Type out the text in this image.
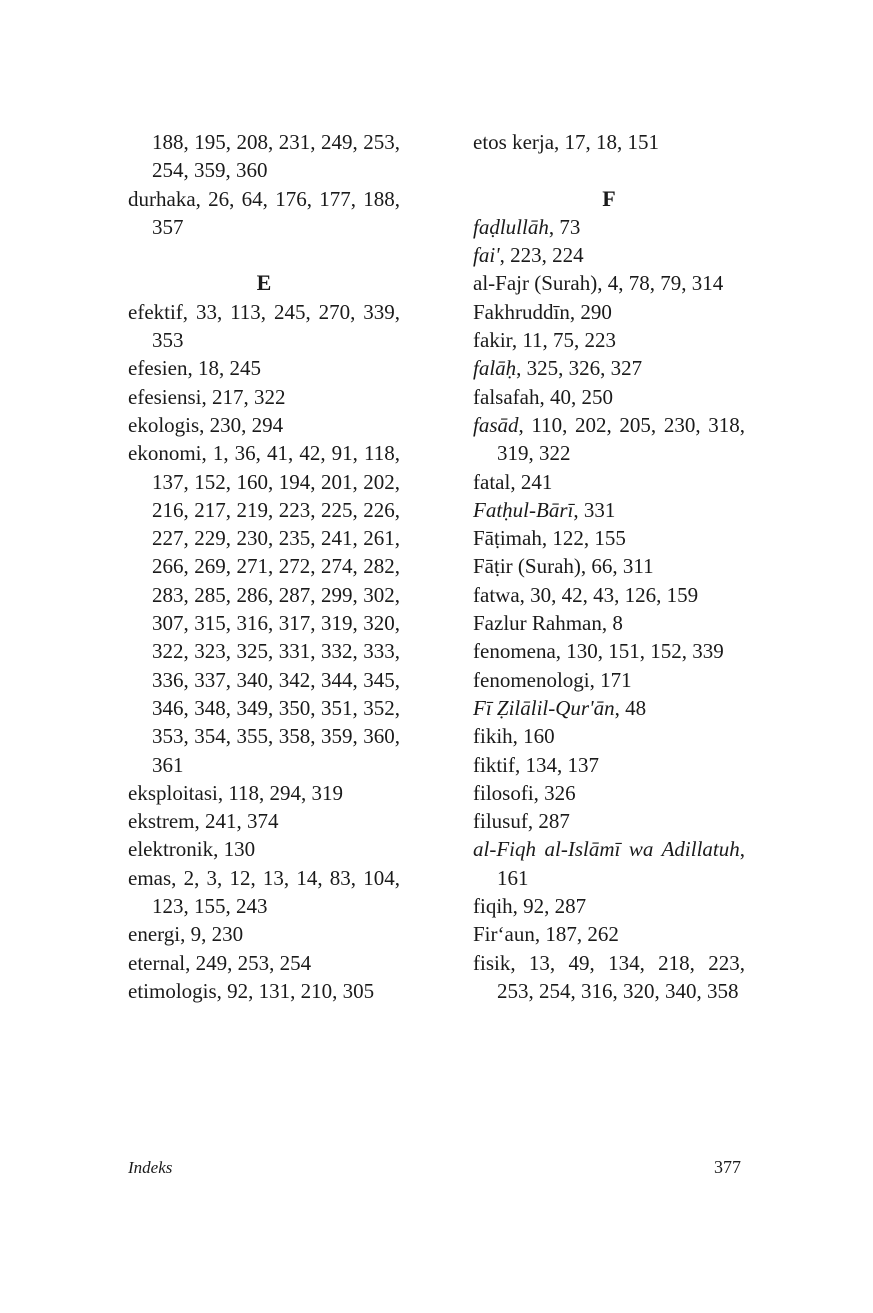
188, 195, 208, 231, 249, 253, 254, 359, 360

durhaka, 26, 64, 176, 177, 188, 357

E

efektif, 33, 113, 245, 270, 339, 353

efesien, 18, 245

efesiensi, 217, 322

ekologis, 230, 294

ekonomi, 1, 36, 41, 42, 91, 118, 137, 152, 160, 194, 201, 202, 216, 217, 219, 223, 225, 226, 227, 229, 230, 235, 241, 261, 266, 269, 271, 272, 274, 282, 283, 285, 286, 287, 299, 302, 307, 315, 316, 317, 319, 320, 322, 323, 325, 331, 332, 333, 336, 337, 340, 342, 344, 345, 346, 348, 349, 350, 351, 352, 353, 354, 355, 358, 359, 360, 361

eksploitasi, 118, 294, 319

ekstrem, 241, 374

elektronik, 130

emas, 2, 3, 12, 13, 14, 83, 104, 123, 155, 243

energi, 9, 230

eternal, 249, 253, 254

etimologis, 92, 131, 210, 305

etos kerja, 17, 18, 151

F

faḍlullāh, 73

fai', 223, 224

al-Fajr (Surah), 4, 78, 79, 314

Fakhruddīn, 290

fakir, 11, 75, 223

falāḥ, 325, 326, 327

falsafah, 40, 250

fasād, 110, 202, 205, 230, 318, 319, 322

fatal, 241

Fatḥul-Bārī, 331

Fāṭimah, 122, 155

Fāṭir (Surah), 66, 311

fatwa, 30, 42, 43, 126, 159

Fazlur Rahman, 8

fenomena, 130, 151, 152, 339

fenomenologi, 171

Fī Ẓilālil-Qur'ān, 48

fikih, 160

fiktif, 134, 137

filosofi, 326

filusuf, 287

al-Fiqh al-Islāmī wa Adillatuh, 161

fiqih, 92, 287

Fir‘aun, 187, 262

fisik, 13, 49, 134, 218, 223, 253, 254, 316, 320, 340, 358

Indeks	377
